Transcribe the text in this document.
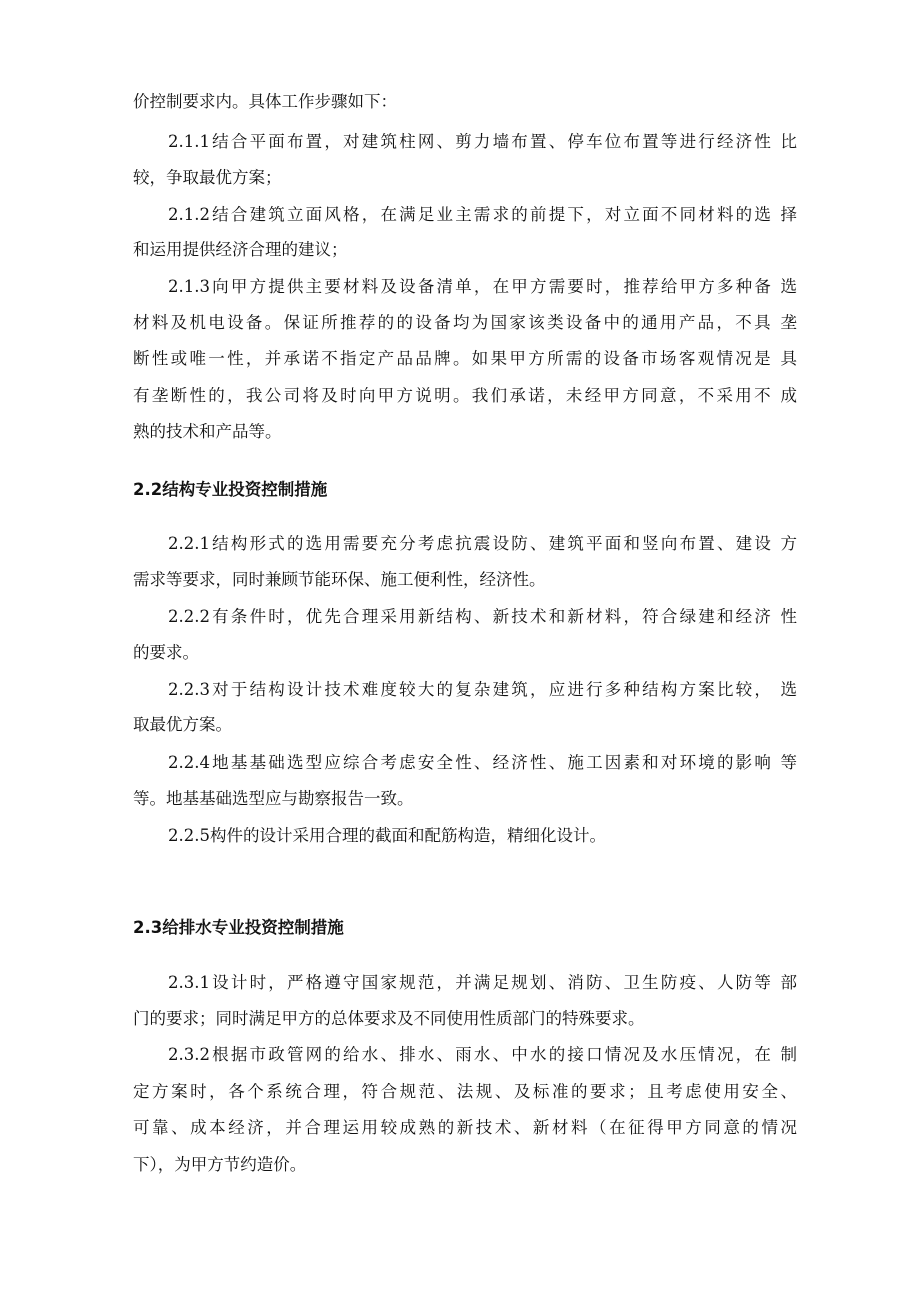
价控制要求内。具体工作步骤如下：
2.1.1结合平面布置，对建筑柱网、剪力墙布置、停车位布置等进行经济性 比
较，争取最优方案；
2.1.2结合建筑立面风格，在满足业主需求的前提下，对立面不同材料的选 择
和运用提供经济合理的建议；
2.1.3向甲方提供主要材料及设备清单，在甲方需要时，推荐给甲方多种备 选
材料及机电设备。保证所推荐的的设备均为国家该类设备中的通用产品，不具 垄
断性或唯一性，并承诺不指定产品品牌。如果甲方所需的设备市场客观情况是 具
有垄断性的，我公司将及时向甲方说明。我们承诺，未经甲方同意，不采用不 成
熟的技术和产品等。
2.2结构专业投资控制措施
2.2.1结构形式的选用需要充分考虑抗震设防、建筑平面和竖向布置、建设 方
需求等要求，同时兼顾节能环保、施工便利性，经济性。
2.2.2有条件时，优先合理采用新结构、新技术和新材料，符合绿建和经济 性
的要求。
2.2.3对于结构设计技术难度较大的复杂建筑，应进行多种结构方案比较， 选
取最优方案。
2.2.4地基基础选型应综合考虑安全性、经济性、施工因素和对环境的影响 等
等。地基基础选型应与勘察报告一致。
2.2.5构件的设计采用合理的截面和配筋构造，精细化设计。
2.3给排水专业投资控制措施
2.3.1设计时，严格遵守国家规范，并满足规划、消防、卫生防疫、人防等 部
门的要求；同时满足甲方的总体要求及不同使用性质部门的特殊要求。
2.3.2根据市政管网的给水、排水、雨水、中水的接口情况及水压情况，在 制
定方案时，各个系统合理，符合规范、法规、及标准的要求；且考虑使用安全、
可靠、成本经济，并合理运用较成熟的新技术、新材料（在征得甲方同意的情况
下），为甲方节约造价。
